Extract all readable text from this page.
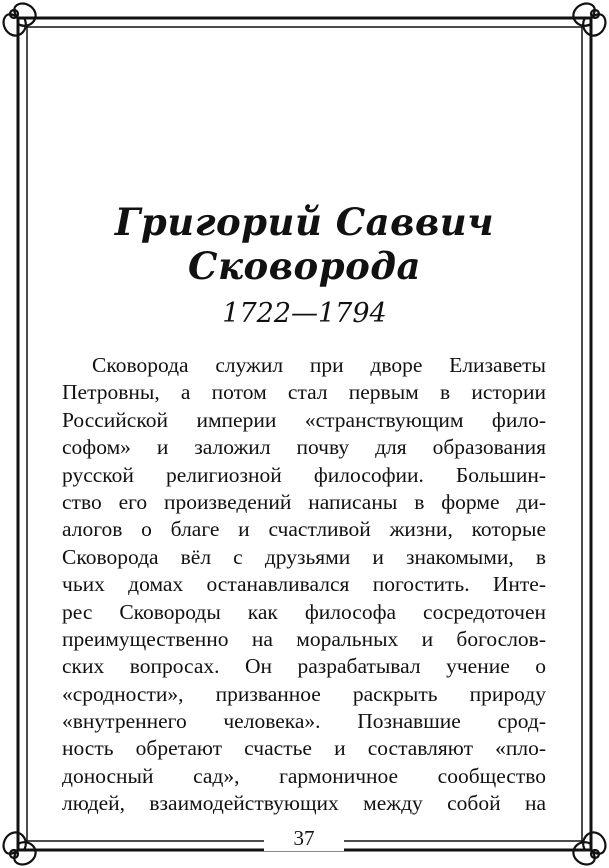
Григорий Саввич
Сковорода
1722—1794
Сковорода служил при дворе Елизаветы
Петровны, а потом стал первым в истории
Российской империи «странствующим фило-
софом» и заложил почву для образования
русской религиозной философии. Большин-
ство его произведений написаны в форме ди-
алогов о благе и счастливой жизни, которые
Сковорода вёл с друзьями и знакомыми, в
чьих домах останавливался погостить. Инте-
рес Сковороды как философа сосредоточен
преимущественно на моральных и богослов-
ских вопросах. Он разрабатывал учение о
«сродности», призванное раскрыть природу
«внутреннего человека». Познавшие срод-
ность обретают счастье и составляют «пло-
доносный сад», гармоничное сообщество
людей, взаимодействующих между собой на
37
